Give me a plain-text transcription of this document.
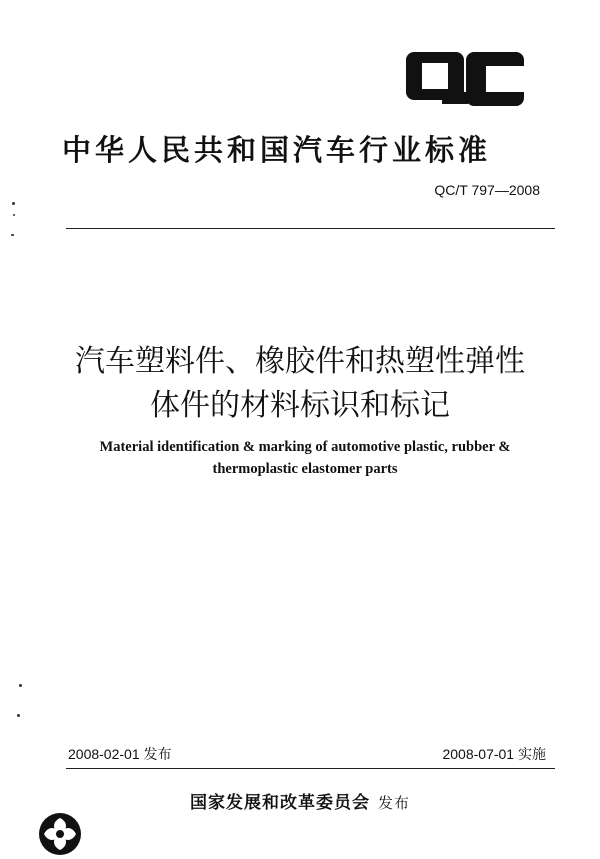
中华人民共和国汽车行业标准
QC/T 797—2008
汽车塑料件、橡胶件和热塑性弹性
体件的材料标识和标记
Material identification & marking of automotive plastic, rubber &
thermoplastic elastomer parts
2008-02-01 发布	2008-07-01 实施
国家发展和改革委员会 发布
